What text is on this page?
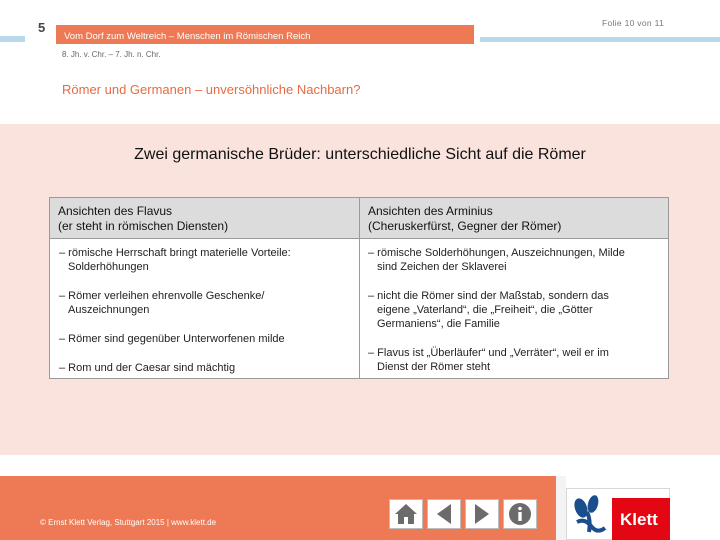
5	Folie 10 von 11
Vom Dorf zum Weltreich – Menschen im Römischen Reich
8. Jh. v. Chr. – 7. Jh. n. Chr.
Römer und Germanen – unversöhnliche Nachbarn?
Zwei germanische Brüder: unterschiedliche Sicht auf die Römer
Ansichten des Flavus
(er steht in römischen Diensten)
Ansichten des Arminius
(Cheruskerfürst, Gegner der Römer)
– römische Herrschaft bringt materielle Vorteile:
Solderhöhungen
– Römer verleihen ehrenvolle Geschenke/
Auszeichnungen
– Römer sind gegenüber Unterworfenen milde
– Rom und der Caesar sind mächtig
– römische Solderhöhungen, Auszeichnungen, Milde
sind Zeichen der Sklaverei
– nicht die Römer sind der Maßstab, sondern das
eigene „Vaterland“, die „Freiheit“, die „Götter
Germaniens“, die Familie
– Flavus ist „Überläufer“ und „Verräter“, weil er im
Dienst der Römer steht
© Ernst Klett Verlag, Stuttgart 2015 | www.klett.de	Klett
